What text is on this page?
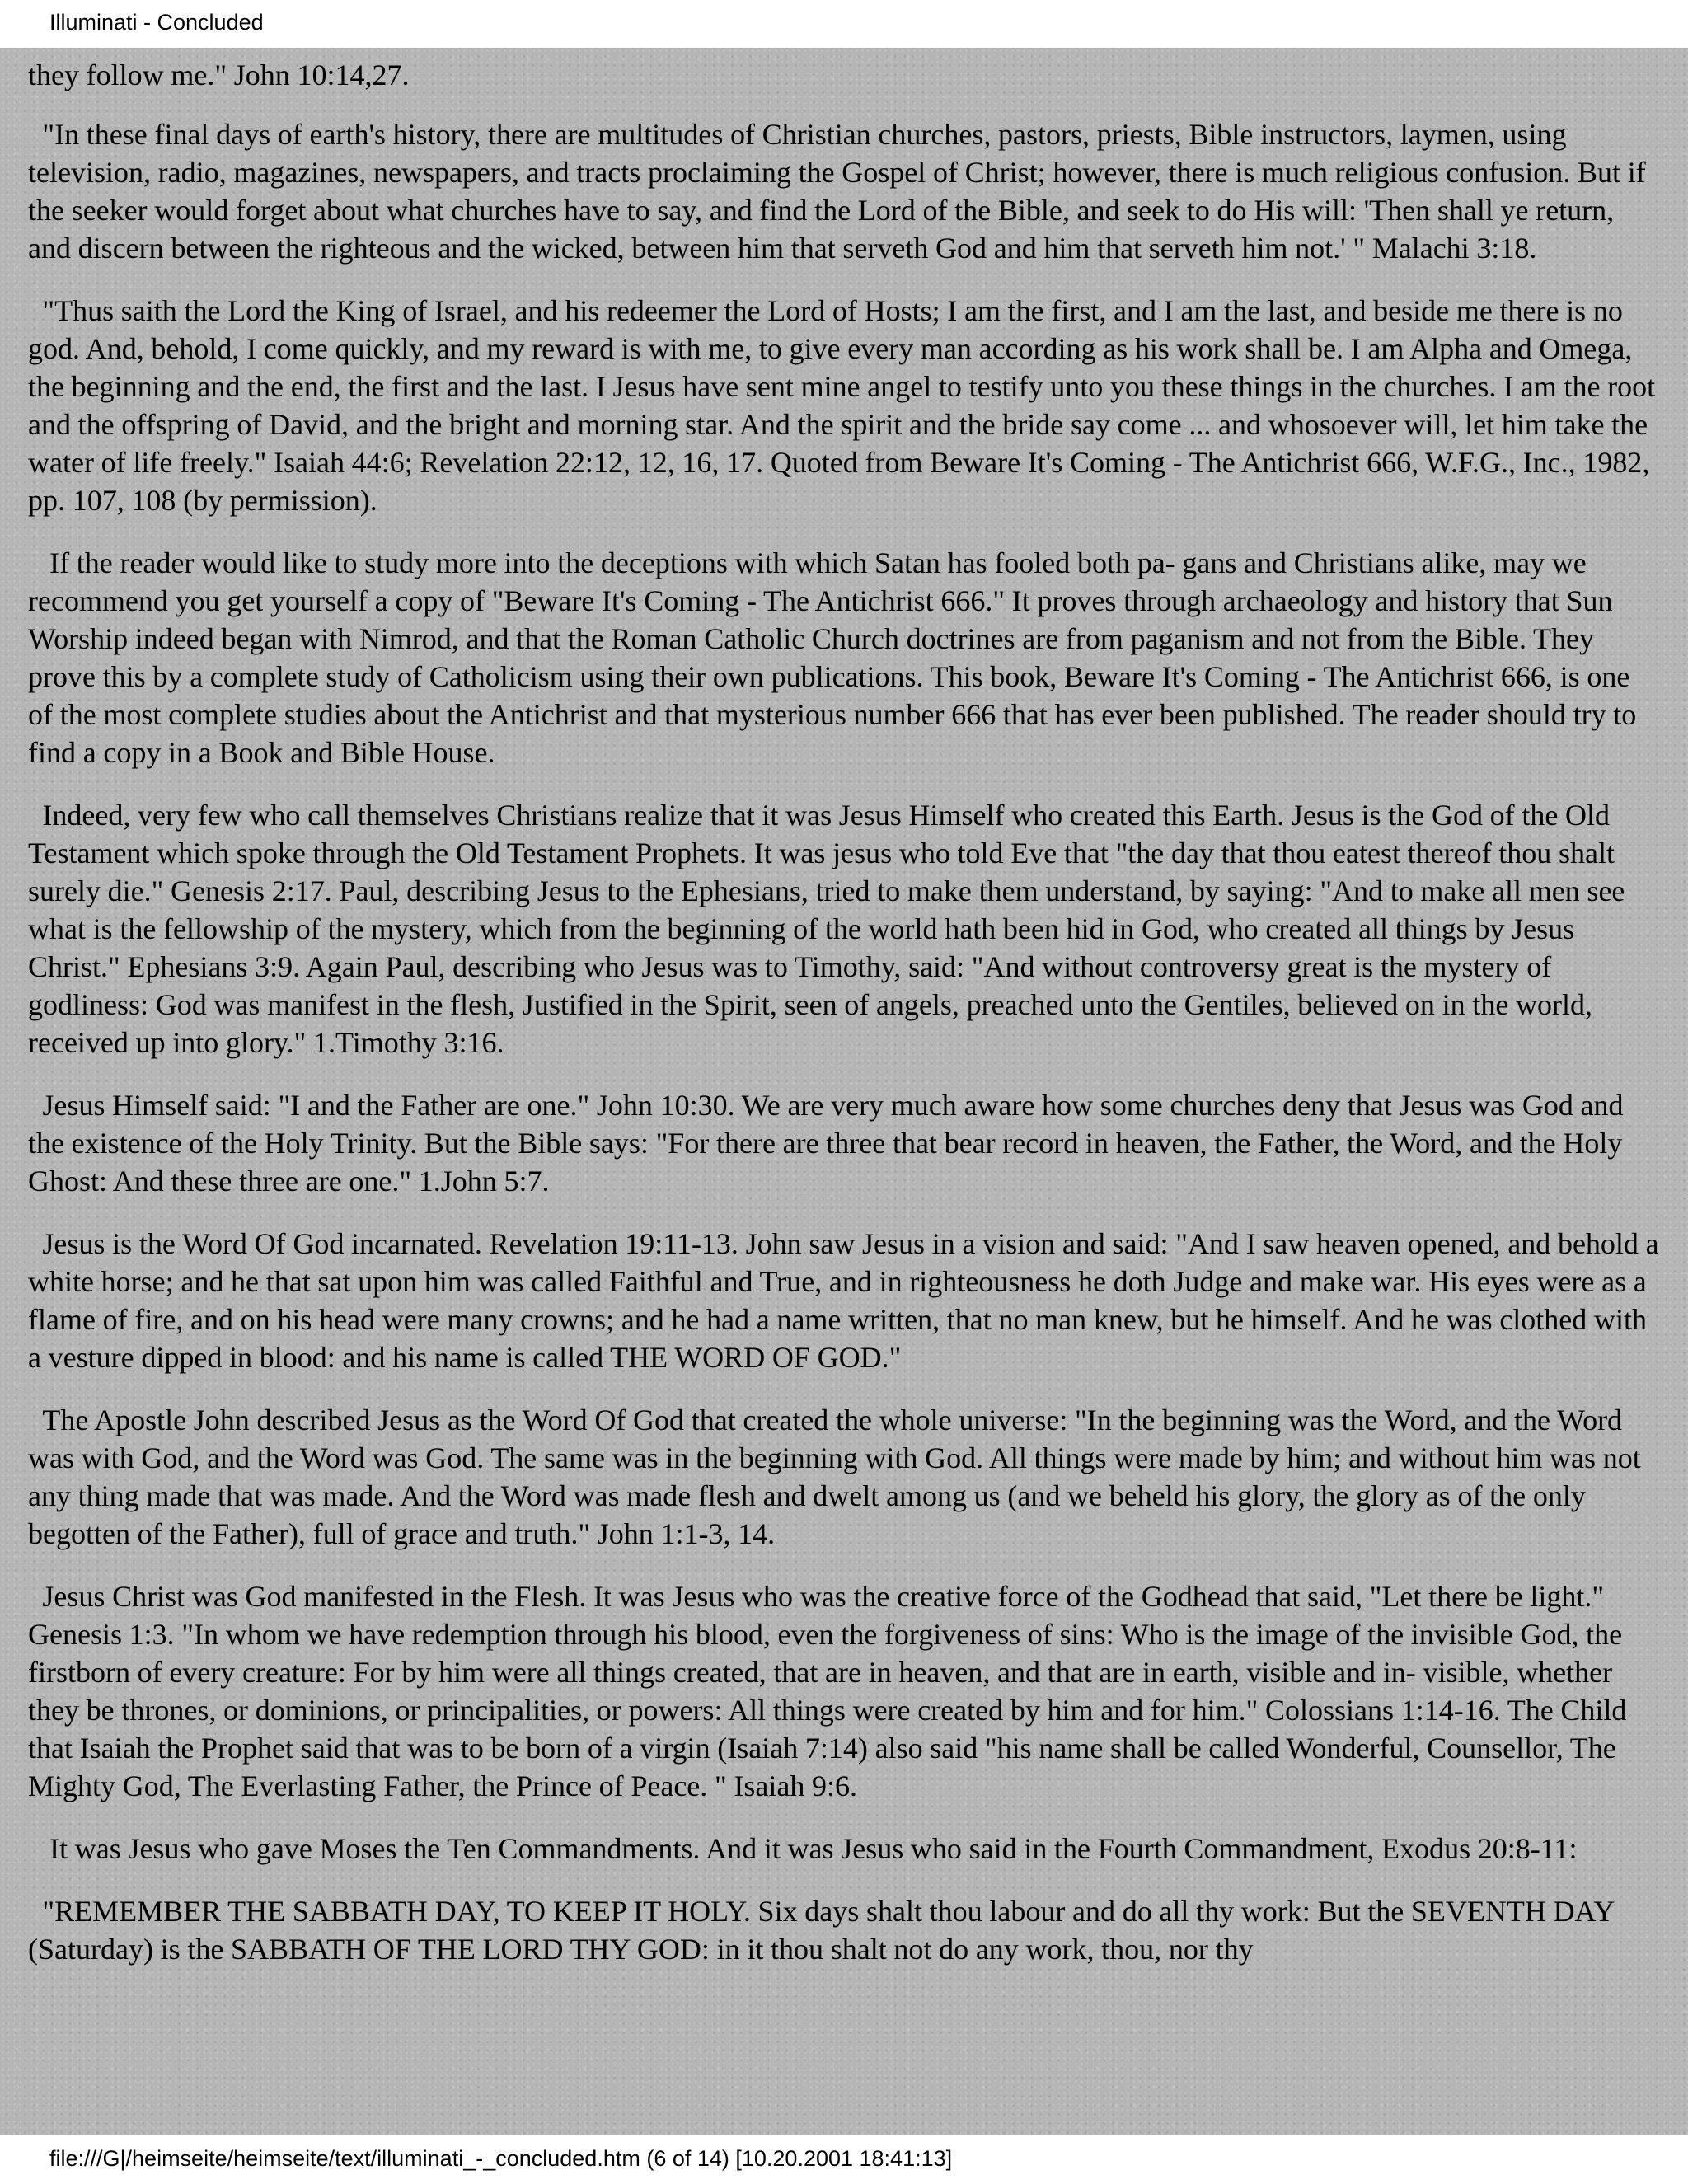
Illuminati - Concluded

they follow me." John 10:14,27.

"In these final days of earth's history, there are multitudes of Christian churches, pastors, priests, Bible instructors, laymen, using television, radio, magazines, newspapers, and tracts proclaiming the Gospel of Christ; however, there is much religious confusion. But if the seeker would forget about what churches have to say, and find the Lord of the Bible, and seek to do His will: 'Then shall ye return, and discern between the righteous and the wicked, between him that serveth God and him that serveth him not.' " Malachi 3:18.

"Thus saith the Lord the King of Israel, and his redeemer the Lord of Hosts; I am the first, and I am the last, and beside me there is no god. And, behold, I come quickly, and my reward is with me, to give every man according as his work shall be. I am Alpha and Omega, the beginning and the end, the first and the last. I Jesus have sent mine angel to testify unto you these things in the churches. I am the root and the offspring of David, and the bright and morning star. And the spirit and the bride say come ... and whosoever will, let him take the water of life freely." Isaiah 44:6; Revelation 22:12, 12, 16, 17. Quoted from Beware It's Coming - The Antichrist 666, W.F.G., Inc., 1982, pp. 107, 108 (by permission).

If the reader would like to study more into the deceptions with which Satan has fooled both pa- gans and Christians alike, may we recommend you get yourself a copy of "Beware It's Coming - The Antichrist 666." It proves through archaeology and history that Sun Worship indeed began with Nimrod, and that the Roman Catholic Church doctrines are from paganism and not from the Bible. They prove this by a complete study of Catholicism using their own publications. This book, Beware It's Coming - The Antichrist 666, is one of the most complete studies about the Antichrist and that mysterious number 666 that has ever been published. The reader should try to find a copy in a Book and Bible House.

Indeed, very few who call themselves Christians realize that it was Jesus Himself who created this Earth. Jesus is the God of the Old Testament which spoke through the Old Testament Prophets. It was jesus who told Eve that "the day that thou eatest thereof thou shalt surely die." Genesis 2:17. Paul, describing Jesus to the Ephesians, tried to make them understand, by saying: "And to make all men see what is the fellowship of the mystery, which from the beginning of the world hath been hid in God, who created all things by Jesus Christ." Ephesians 3:9. Again Paul, describing who Jesus was to Timothy, said: "And without controversy great is the mystery of godliness: God was manifest in the flesh, Justified in the Spirit, seen of angels, preached unto the Gentiles, believed on in the world, received up into glory." 1.Timothy 3:16.

Jesus Himself said: "I and the Father are one." John 10:30. We are very much aware how some churches deny that Jesus was God and the existence of the Holy Trinity. But the Bible says: "For there are three that bear record in heaven, the Father, the Word, and the Holy Ghost: And these three are one." 1.John 5:7.

Jesus is the Word Of God incarnated. Revelation 19:11-13. John saw Jesus in a vision and said: "And I saw heaven opened, and behold a white horse; and he that sat upon him was called Faithful and True, and in righteousness he doth Judge and make war. His eyes were as a flame of fire, and on his head were many crowns; and he had a name written, that no man knew, but he himself. And he was clothed with a vesture dipped in blood: and his name is called THE WORD OF GOD."

The Apostle John described Jesus as the Word Of God that created the whole universe: "In the beginning was the Word, and the Word was with God, and the Word was God. The same was in the beginning with God. All things were made by him; and without him was not any thing made that was made. And the Word was made flesh and dwelt among us (and we beheld his glory, the glory as of the only begotten of the Father), full of grace and truth." John 1:1-3, 14.

Jesus Christ was God manifested in the Flesh. It was Jesus who was the creative force of the Godhead that said, "Let there be light." Genesis 1:3. "In whom we have redemption through his blood, even the forgiveness of sins: Who is the image of the invisible God, the firstborn of every creature: For by him were all things created, that are in heaven, and that are in earth, visible and in- visible, whether they be thrones, or dominions, or principalities, or powers: All things were created by him and for him." Colossians 1:14-16. The Child that Isaiah the Prophet said that was to be born of a virgin (Isaiah 7:14) also said "his name shall be called Wonderful, Counsellor, The Mighty God, The Everlasting Father, the Prince of Peace. " Isaiah 9:6.

It was Jesus who gave Moses the Ten Commandments. And it was Jesus who said in the Fourth Commandment, Exodus 20:8-11:

"REMEMBER THE SABBATH DAY, TO KEEP IT HOLY. Six days shalt thou labour and do all thy work: But the SEVENTH DAY (Saturday) is the SABBATH OF THE LORD THY GOD: in it thou shalt not do any work, thou, nor thy

file:///G|/heimseite/heimseite/text/illuminati_-_concluded.htm (6 of 14) [10.20.2001 18:41:13]
